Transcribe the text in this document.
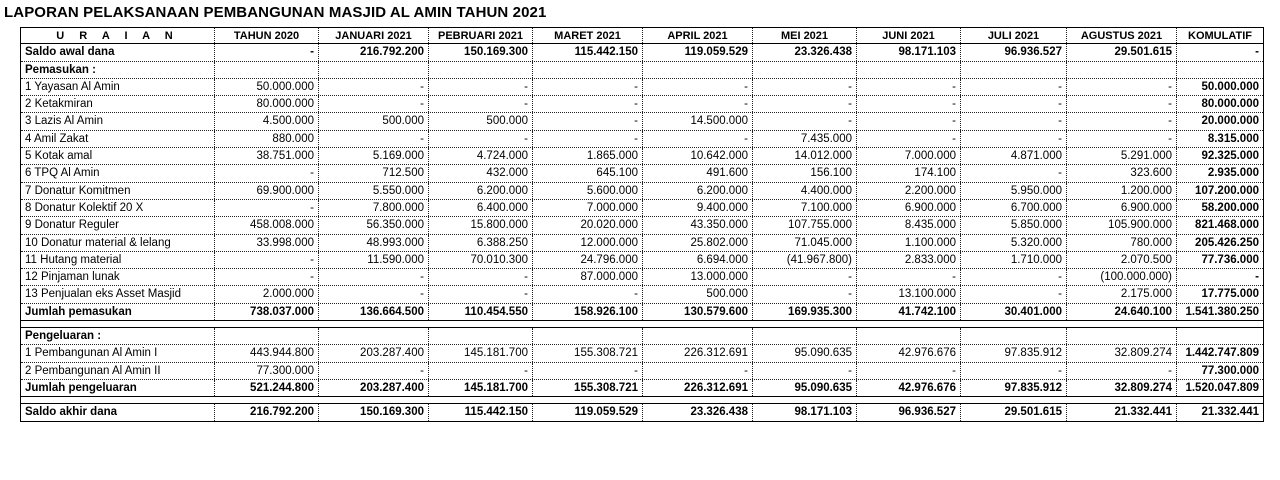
LAPORAN PELAKSANAAN PEMBANGUNAN MASJID AL AMIN TAHUN 2021
U R A I A N	TAHUN 2020	JANUARI 2021	PEBRUARI 2021	MARET 2021	APRIL 2021	MEI 2021	JUNI 2021	JULI 2021	AGUSTUS 2021	KOMULATIF
Saldo awal dana	-	216.792.200	150.169.300	115.442.150	119.059.529	23.326.438	98.171.103	96.936.527	29.501.615	-
Pemasukan :
1 Yayasan Al Amin	50.000.000	-	-	-	-	-	-	-	-	50.000.000
2 Ketakmiran	80.000.000	-	-	-	-	-	-	-	-	80.000.000
3 Lazis Al Amin	4.500.000	500.000	500.000	-	14.500.000	-	-	-	-	20.000.000
4 Amil Zakat	880.000	-	-	-	-	7.435.000	-	-	-	8.315.000
5 Kotak amal	38.751.000	5.169.000	4.724.000	1.865.000	10.642.000	14.012.000	7.000.000	4.871.000	5.291.000	92.325.000
6 TPQ Al Amin	-	712.500	432.000	645.100	491.600	156.100	174.100	-	323.600	2.935.000
7 Donatur Komitmen	69.900.000	5.550.000	6.200.000	5.600.000	6.200.000	4.400.000	2.200.000	5.950.000	1.200.000	107.200.000
8 Donatur Kolektif 20 X	-	7.800.000	6.400.000	7.000.000	9.400.000	7.100.000	6.900.000	6.700.000	6.900.000	58.200.000
9 Donatur Reguler	458.008.000	56.350.000	15.800.000	20.020.000	43.350.000	107.755.000	8.435.000	5.850.000	105.900.000	821.468.000
10 Donatur material & lelang	33.998.000	48.993.000	6.388.250	12.000.000	25.802.000	71.045.000	1.100.000	5.320.000	780.000	205.426.250
11 Hutang material	-	11.590.000	70.010.300	24.796.000	6.694.000	(41.967.800)	2.833.000	1.710.000	2.070.500	77.736.000
12 Pinjaman lunak	-	-	-	87.000.000	13.000.000	-	-	-	(100.000.000)	-
13 Penjualan eks Asset Masjid	2.000.000	-	-	-	500.000	-	13.100.000	-	2.175.000	17.775.000
Jumlah pemasukan	738.037.000	136.664.500	110.454.550	158.926.100	130.579.600	169.935.300	41.742.100	30.401.000	24.640.100	1.541.380.250
Pengeluaran :
1 Pembangunan Al Amin I	443.944.800	203.287.400	145.181.700	155.308.721	226.312.691	95.090.635	42.976.676	97.835.912	32.809.274	1.442.747.809
2 Pembangunan Al Amin II	77.300.000	-	-	-	-	-	-	-	-	77.300.000
Jumlah pengeluaran	521.244.800	203.287.400	145.181.700	155.308.721	226.312.691	95.090.635	42.976.676	97.835.912	32.809.274	1.520.047.809
Saldo akhir dana	216.792.200	150.169.300	115.442.150	119.059.529	23.326.438	98.171.103	96.936.527	29.501.615	21.332.441	21.332.441
